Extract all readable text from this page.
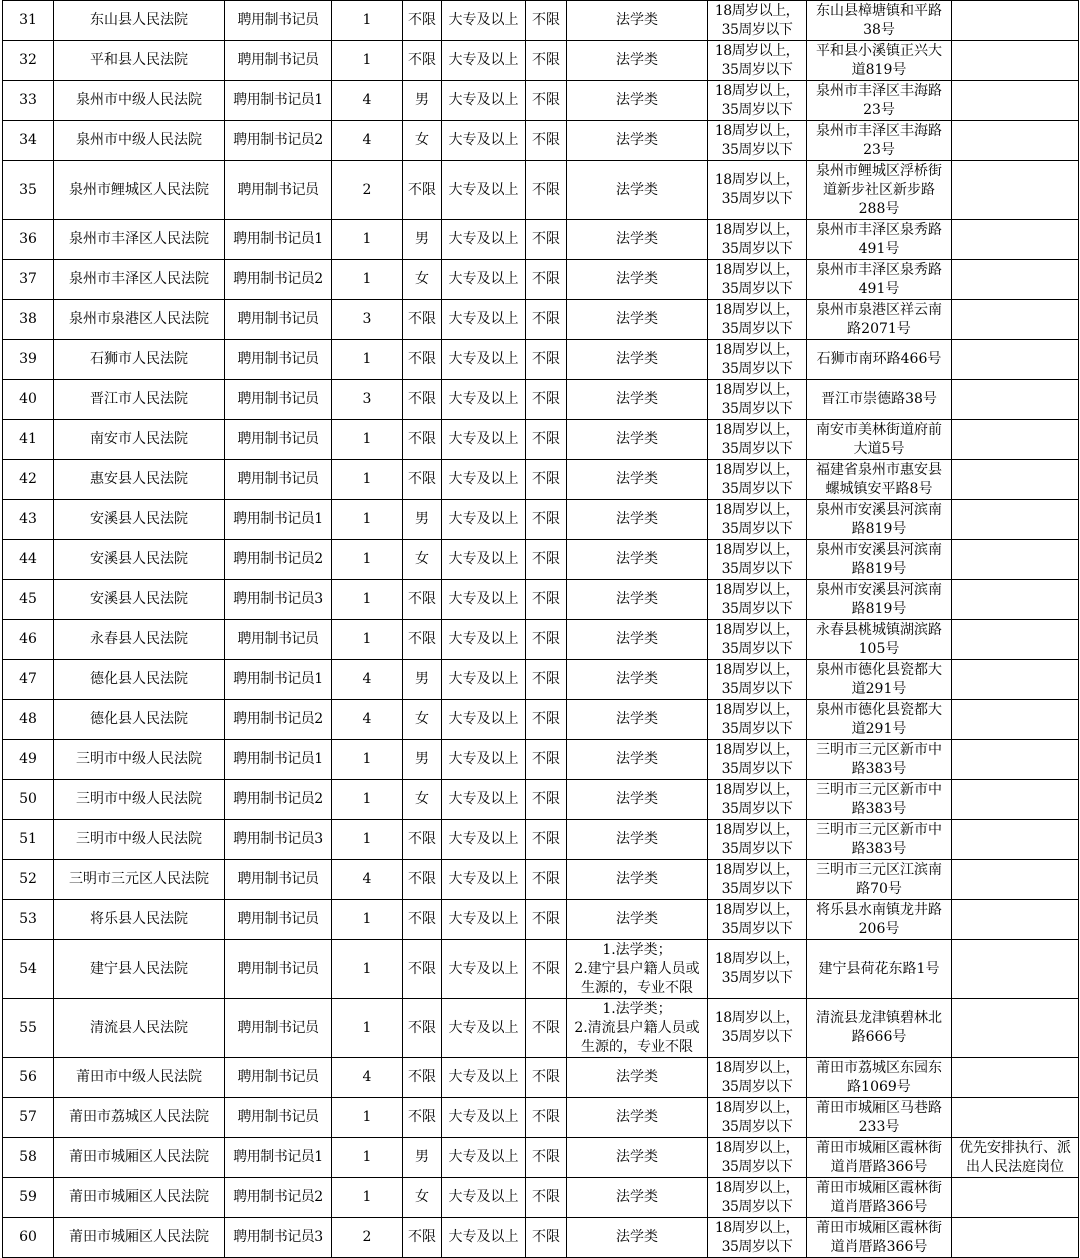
31	东山县人民法院	聘用制书记员	1	不限	大专及以上	不限	法学类	18周岁以上，
35周岁以下	东山县樟塘镇和平路
38号	
32	平和县人民法院	聘用制书记员	1	不限	大专及以上	不限	法学类	18周岁以上，
35周岁以下	平和县小溪镇正兴大
道819号	
33	泉州市中级人民法院	聘用制书记员1	4	男	大专及以上	不限	法学类	18周岁以上，
35周岁以下	泉州市丰泽区丰海路
23号	
34	泉州市中级人民法院	聘用制书记员2	4	女	大专及以上	不限	法学类	18周岁以上，
35周岁以下	泉州市丰泽区丰海路
23号	
35	泉州市鲤城区人民法院	聘用制书记员	2	不限	大专及以上	不限	法学类	18周岁以上，
35周岁以下	泉州市鲤城区浮桥街
道新步社区新步路
288号	
36	泉州市丰泽区人民法院	聘用制书记员1	1	男	大专及以上	不限	法学类	18周岁以上，
35周岁以下	泉州市丰泽区泉秀路
491号	
37	泉州市丰泽区人民法院	聘用制书记员2	1	女	大专及以上	不限	法学类	18周岁以上，
35周岁以下	泉州市丰泽区泉秀路
491号	
38	泉州市泉港区人民法院	聘用制书记员	3	不限	大专及以上	不限	法学类	18周岁以上，
35周岁以下	泉州市泉港区祥云南
路2071号	
39	石狮市人民法院	聘用制书记员	1	不限	大专及以上	不限	法学类	18周岁以上，
35周岁以下	石狮市南环路466号	
40	晋江市人民法院	聘用制书记员	3	不限	大专及以上	不限	法学类	18周岁以上，
35周岁以下	晋江市崇德路38号	
41	南安市人民法院	聘用制书记员	1	不限	大专及以上	不限	法学类	18周岁以上，
35周岁以下	南安市美林街道府前
大道5号	
42	惠安县人民法院	聘用制书记员	1	不限	大专及以上	不限	法学类	18周岁以上，
35周岁以下	福建省泉州市惠安县
螺城镇安平路8号	
43	安溪县人民法院	聘用制书记员1	1	男	大专及以上	不限	法学类	18周岁以上，
35周岁以下	泉州市安溪县河滨南
路819号	
44	安溪县人民法院	聘用制书记员2	1	女	大专及以上	不限	法学类	18周岁以上，
35周岁以下	泉州市安溪县河滨南
路819号	
45	安溪县人民法院	聘用制书记员3	1	不限	大专及以上	不限	法学类	18周岁以上，
35周岁以下	泉州市安溪县河滨南
路819号	
46	永春县人民法院	聘用制书记员	1	不限	大专及以上	不限	法学类	18周岁以上，
35周岁以下	永春县桃城镇湖滨路
105号	
47	德化县人民法院	聘用制书记员1	4	男	大专及以上	不限	法学类	18周岁以上，
35周岁以下	泉州市德化县瓷都大
道291号	
48	德化县人民法院	聘用制书记员2	4	女	大专及以上	不限	法学类	18周岁以上，
35周岁以下	泉州市德化县瓷都大
道291号	
49	三明市中级人民法院	聘用制书记员1	1	男	大专及以上	不限	法学类	18周岁以上，
35周岁以下	三明市三元区新市中
路383号	
50	三明市中级人民法院	聘用制书记员2	1	女	大专及以上	不限	法学类	18周岁以上，
35周岁以下	三明市三元区新市中
路383号	
51	三明市中级人民法院	聘用制书记员3	1	不限	大专及以上	不限	法学类	18周岁以上，
35周岁以下	三明市三元区新市中
路383号	
52	三明市三元区人民法院	聘用制书记员	4	不限	大专及以上	不限	法学类	18周岁以上，
35周岁以下	三明市三元区江滨南
路70号	
53	将乐县人民法院	聘用制书记员	1	不限	大专及以上	不限	法学类	18周岁以上，
35周岁以下	将乐县水南镇龙井路
206号	
54	建宁县人民法院	聘用制书记员	1	不限	大专及以上	不限	1.法学类；
2.建宁县户籍人员或
生源的，专业不限	18周岁以上，
35周岁以下	建宁县荷花东路1号	
55	清流县人民法院	聘用制书记员	1	不限	大专及以上	不限	1.法学类；
2.清流县户籍人员或
生源的，专业不限	18周岁以上，
35周岁以下	清流县龙津镇碧林北
路666号	
56	莆田市中级人民法院	聘用制书记员	4	不限	大专及以上	不限	法学类	18周岁以上，
35周岁以下	莆田市荔城区东园东
路1069号	
57	莆田市荔城区人民法院	聘用制书记员	1	不限	大专及以上	不限	法学类	18周岁以上，
35周岁以下	莆田市城厢区马巷路
233号	
58	莆田市城厢区人民法院	聘用制书记员1	1	男	大专及以上	不限	法学类	18周岁以上，
35周岁以下	莆田市城厢区霞林街
道肖厝路366号	优先安排执行、派
出人民法庭岗位
59	莆田市城厢区人民法院	聘用制书记员2	1	女	大专及以上	不限	法学类	18周岁以上，
35周岁以下	莆田市城厢区霞林街
道肖厝路366号	
60	莆田市城厢区人民法院	聘用制书记员3	2	不限	大专及以上	不限	法学类	18周岁以上，
35周岁以下	莆田市城厢区霞林街
道肖厝路366号	
